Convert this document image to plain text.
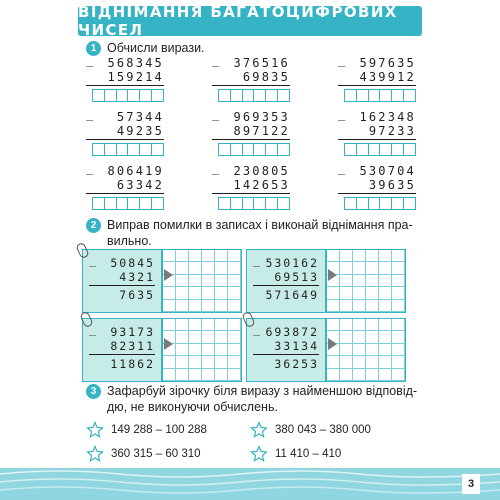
ВІДНІМАННЯ БАГАТОЦИФРОВИХ ЧИСЕЛ
1 Обчисли вирази.
_ 568345
159214
_ 376516
69835
_ 597635
439912
_ 57344
49235
_ 969353
897122
_ 162348
97233
_ 806419
63342
_ 230805
142653
_ 530704
39635
2 Виправ помилки в записах і виконай віднімання пра-
вильно.
_ 50845
4321
7635
_ 530162
69513
571649
_ 93173
82311
11862
_ 693872
33134
36253
3 Зафарбуй зірочку біля виразу з найменшою відповід-
дю, не виконуючи обчислень.
149 288 – 100 288	380 043 – 380 000
360 315 – 60 310	11 410 – 410
3
